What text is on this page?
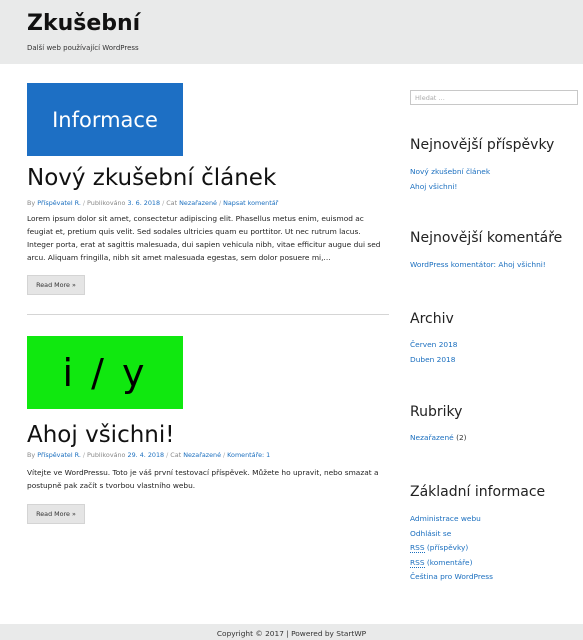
Zkušební
Další web používající WordPress
Informace
Nový zkušební článek
By Příspěvatel R. / Publikováno 3. 6. 2018 / Cat Nezařazené / Napsat komentář

Lorem ipsum dolor sit amet, consectetur adipiscing elit. Phasellus metus enim, euismod ac feugiat et, pretium quis velit. Sed sodales ultricies quam eu porttitor. Ut nec rutrum lacus. Integer porta, erat at sagittis malesuada, dui sapien vehicula nibh, vitae efficitur augue dui sed arcu. Aliquam fringilla, nibh sit amet malesuada egestas, sem dolor posuere mi,…

Read More »
i / y
Ahoj všichni!
By Příspěvatel R. / Publikováno 29. 4. 2018 / Cat Nezařazené / Komentáře: 1

Vítejte ve WordPressu. Toto je váš první testovací příspěvek. Můžete ho upravit, nebo smazat a postupně pak začít s tvorbou vlastního webu.

Read More »
Hledat …
Nejnovější příspěvky
Nový zkušební článek
Ahoj všichni!
Nejnovější komentáře
WordPress komentátor: Ahoj všichni!
Archiv
Červen 2018
Duben 2018
Rubriky
Nezařazené (2)
Základní informace
Administrace webu
Odhlásit se
RSS (příspěvky)
RSS (komentáře)
Čeština pro WordPress
Copyright © 2017 | Powered by StartWP
